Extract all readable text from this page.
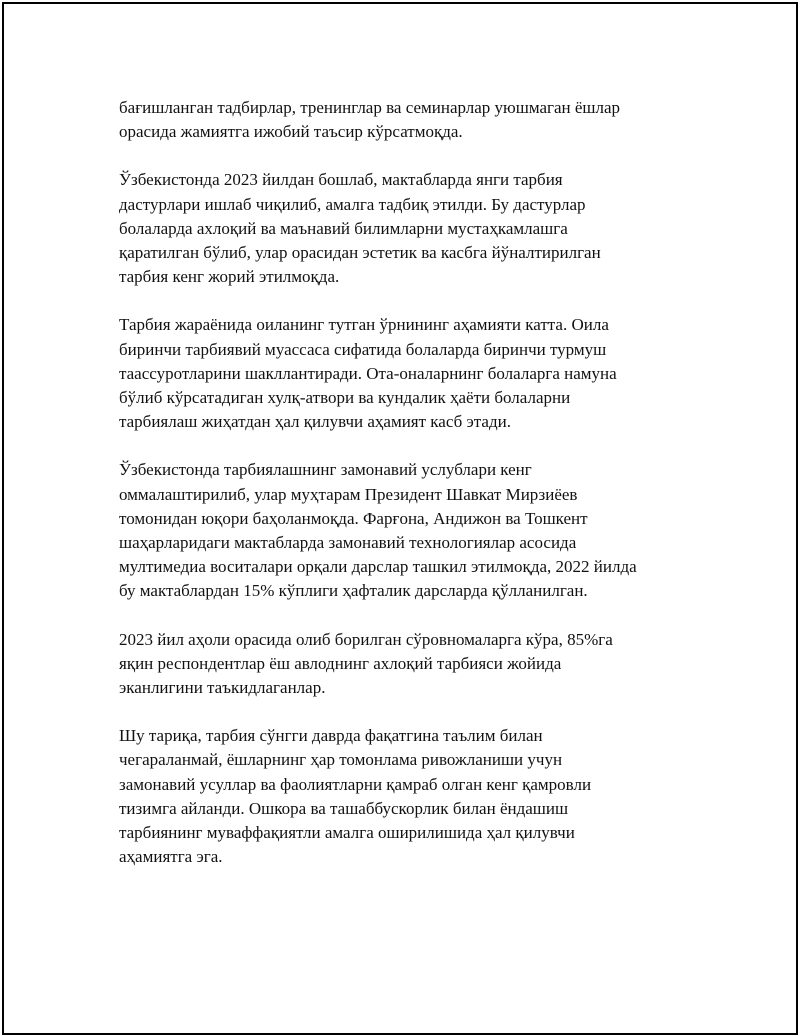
бағишланган тадбирлар, тренинглар ва семинарлар уюшмаган ёшлар
орасида жамиятга ижобий таъсир кўрсатмоқда.

Ўзбекистонда 2023 йилдан бошлаб, мактабларда янги тарбия
дастурлари ишлаб чиқилиб, амалга тадбиқ этилди. Бу дастурлар
болаларда ахлоқий ва маънавий билимларни мустаҳкамлашга
қаратилган бўлиб, улар орасидан эстетик ва касбга йўналтирилган
тарбия кенг жорий этилмоқда.

Тарбия жараёнида оиланинг тутган ўрнининг аҳамияти катта. Оила
биринчи тарбиявий муассаса сифатида болаларда биринчи турмуш
таассуротларини шакллантиради. Ота-оналарнинг болаларга намуна
бўлиб кўрсатадиган хулқ-атвори ва кундалик ҳаёти болаларни
тарбиялаш жиҳатдан ҳал қилувчи аҳамият касб этади.

Ўзбекистонда тарбиялашнинг замонавий услублари кенг
оммалаштирилиб, улар муҳтарам Президент Шавкат Мирзиёев
томонидан юқори баҳоланмоқда. Фарғона, Андижон ва Тошкент
шаҳарларидаги мактабларда замонавий технологиялар асосида
мултимедиа воситалари орқали дарслар ташкил этилмоқда, 2022 йилда
бу мактаблардан 15% кўплиги ҳафталик дарсларда қўлланилган.

2023 йил аҳоли орасида олиб борилган сўровномаларга кўра, 85%га
яқин респондентлар ёш авлоднинг ахлоқий тарбияси жойида
эканлигини таъкидлаганлар.

Шу тариқа, тарбия сўнгги даврда фақатгина таълим билан
чегараланмай, ёшларнинг ҳар томонлама ривожланиши учун
замонавий усуллар ва фаолиятларни қамраб олган кенг қамровли
тизимга айланди. Ошкора ва ташаббускорлик билан ёндашиш
тарбиянинг муваффақиятли амалга оширилишида ҳал қилувчи
аҳамиятга эга.
